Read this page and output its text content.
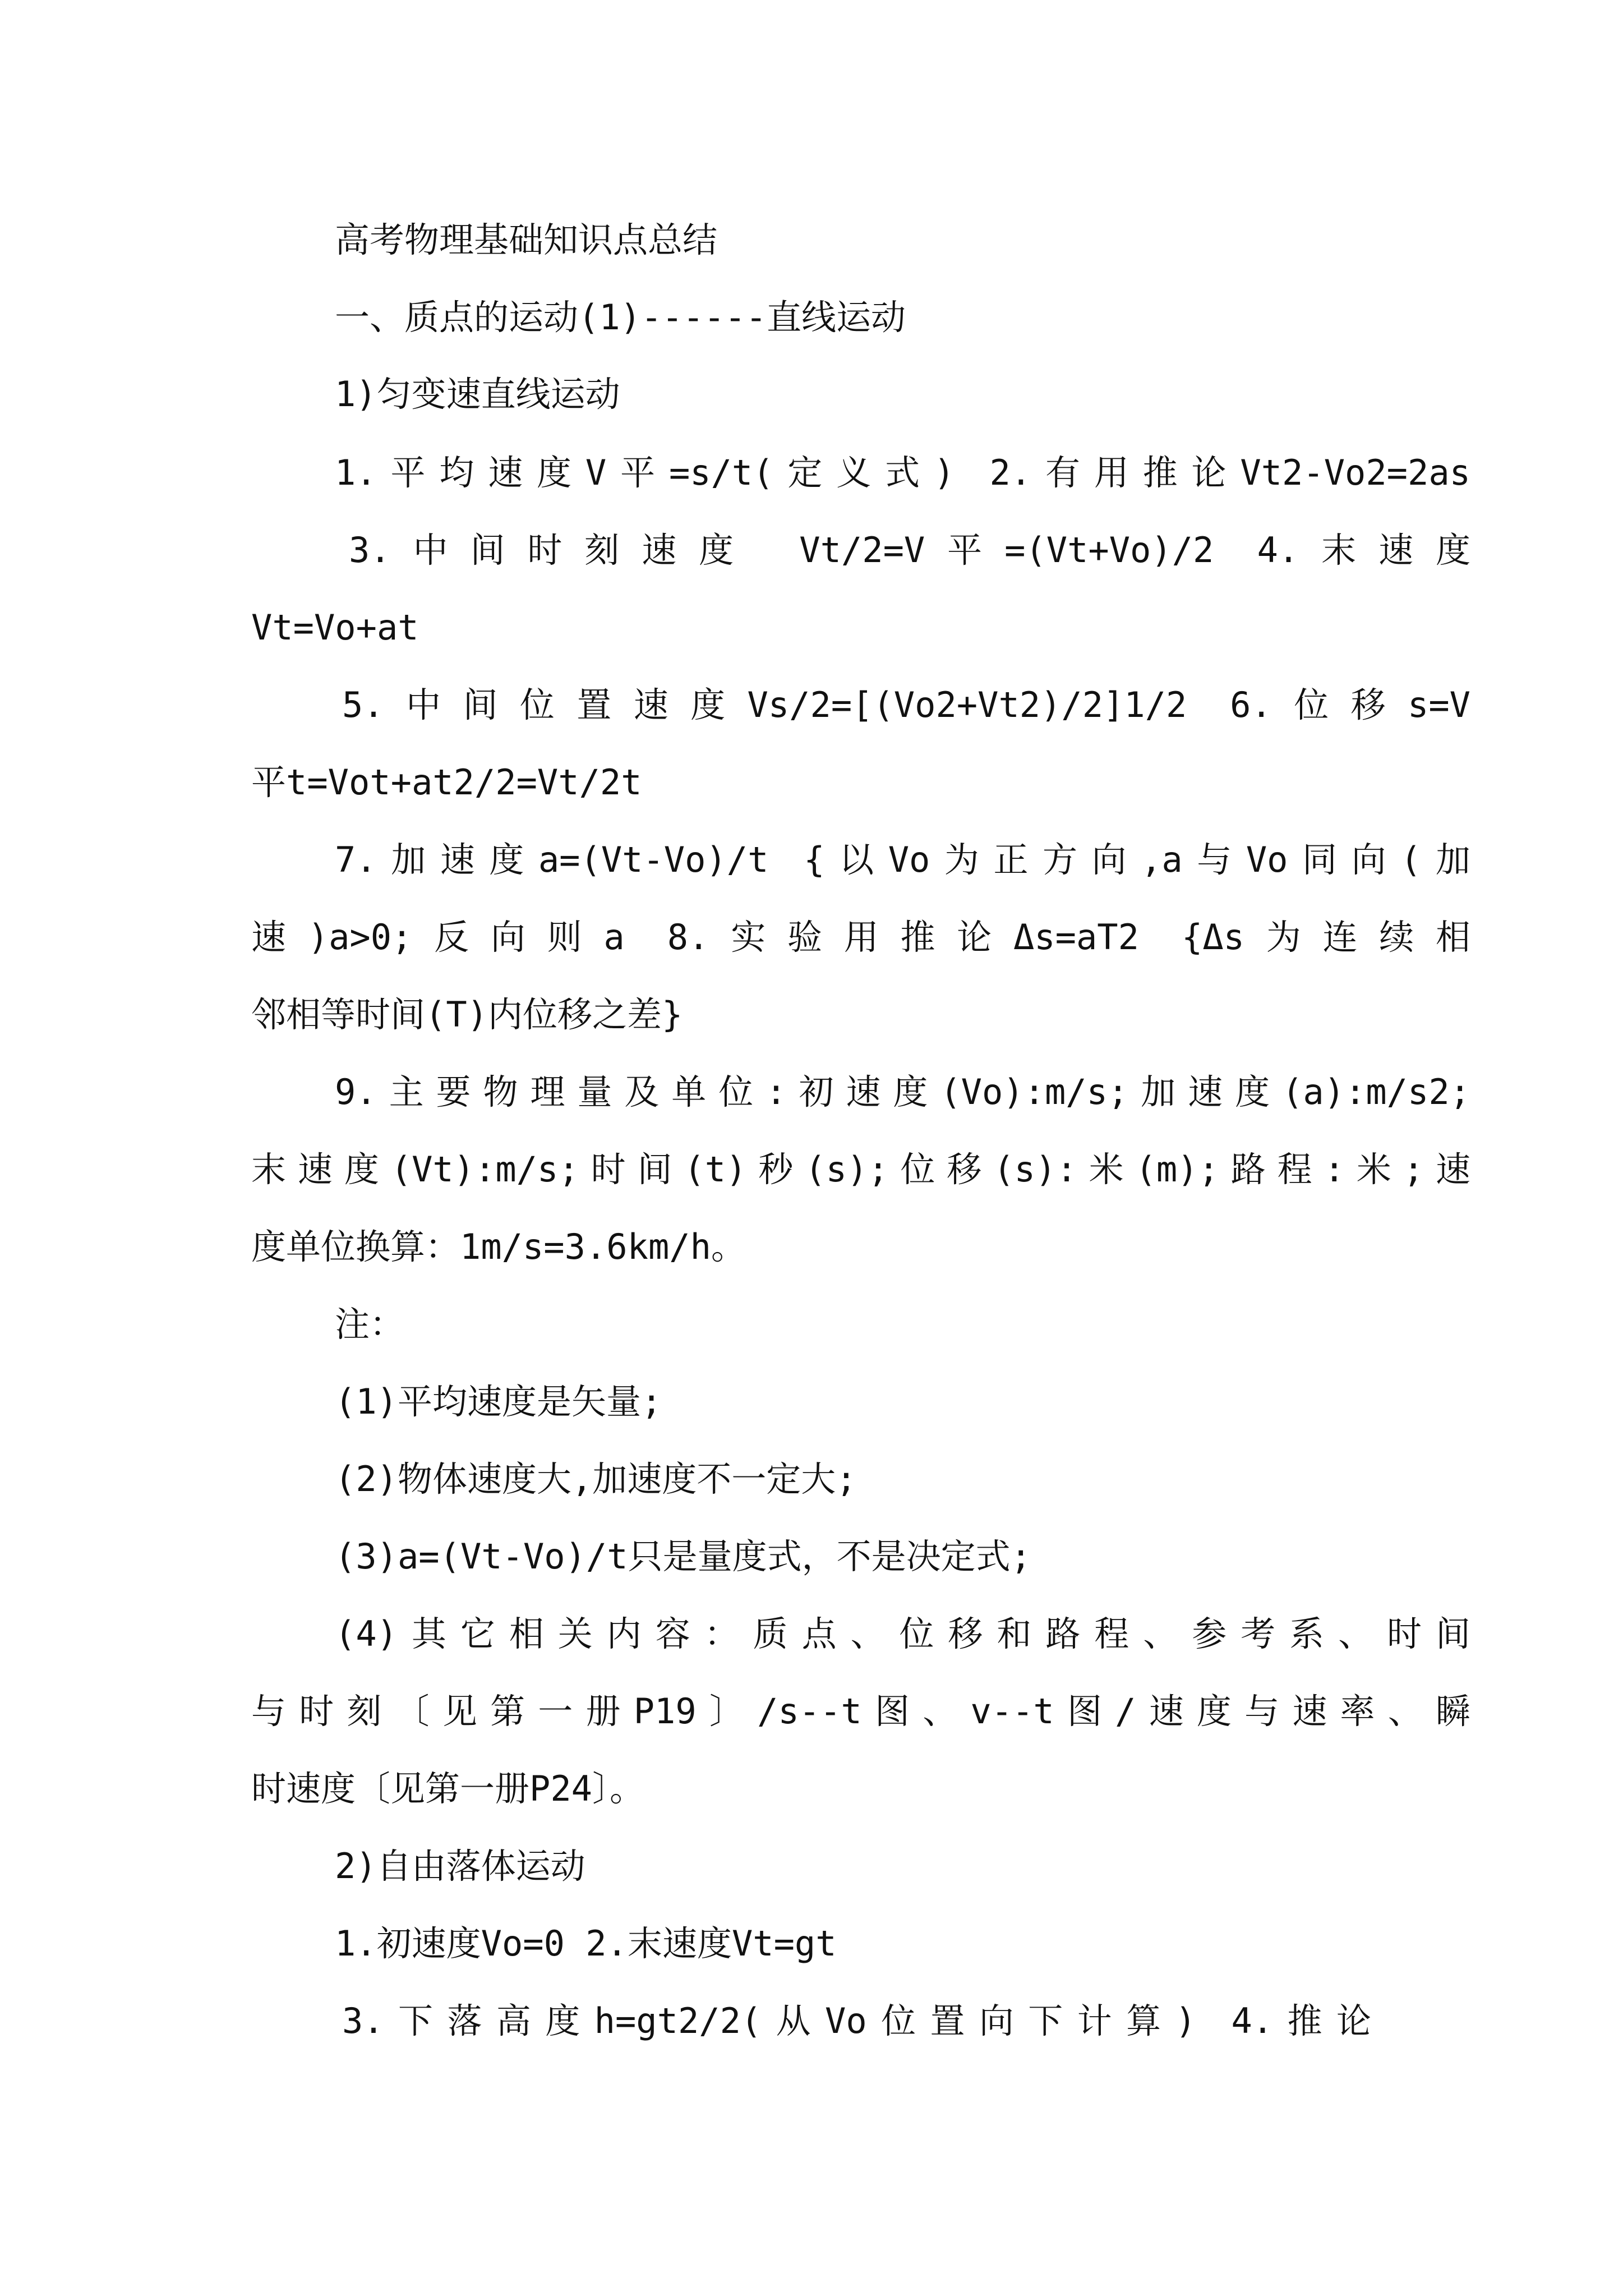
高考物理基础知识点总结
一、质点的运动(1)------直线运动
1)匀变速直线运动
1.平均速度V平=s/t(定义式) 2.有用推论Vt2-Vo2=2as
3.中间时刻速度 Vt/2=V平=(Vt+Vo)/2 4.末速度
Vt=Vo+at
5.中间位置速度Vs/2=[(Vo2+Vt2)/2]1/2 6.位移s=V
平t=Vot+at2/2=Vt/2t
7.加速度a=(Vt-Vo)/t {以Vo为正方向,a与Vo同向(加
速)a>0;反向则a 8.实验用推论Δs=aT2 {Δs为连续相
邻相等时间(T)内位移之差}
9.主要物理量及单位:初速度(Vo):m/s;加速度(a):m/s2;
末速度(Vt):m/s;时间(t)秒(s);位移(s):米(m);路程:米;速
度单位换算：1m/s=3.6km/h。
注：
(1)平均速度是矢量;
(2)物体速度大,加速度不一定大;
(3)a=(Vt-Vo)/t只是量度式，不是决定式;
(4)其它相关内容：质点、位移和路程、参考系、时间
与时刻〔见第一册P19〕/s--t图、v--t图/速度与速率、瞬
时速度〔见第一册P24〕。
2)自由落体运动
1.初速度Vo=0 2.末速度Vt=gt
3.下落高度h=gt2/2(从Vo位置向下计算) 4.推论
